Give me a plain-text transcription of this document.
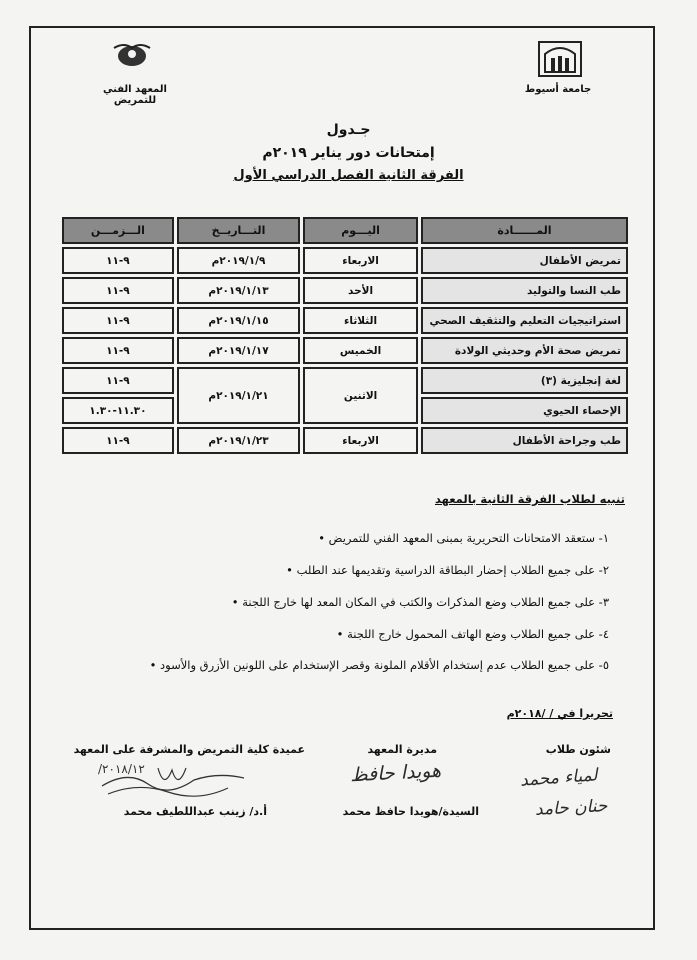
جامعة أسيوط
المعهد الفني للتمريض
جـدول
إمتحانات دور يناير ٢٠١٩م
الفرقة الثانية الفصل الدراسي الأول
الـــزمـــن	التـــاريــخ	اليـــوم	المــــــادة
٩-١١	٢٠١٩/١/٩م	الاربعاء	تمريض الأطفال
٩-١١	٢٠١٩/١/١٣م	الأحد	طب النسا والتوليد
٩-١١	٢٠١٩/١/١٥م	الثلاثاء	استراتيجيات التعليم والتثقيف الصحي
٩-١١	٢٠١٩/١/١٧م	الخميس	تمريض صحة الأم وحديثي الولادة
٩-١١	٢٠١٩/١/٢١م	الاثنين	لغة إنجليزية (٣)
١١.٣٠-١.٣٠			الإحصاء الحيوي
٩-١١	٢٠١٩/١/٢٣م	الاربعاء	طب وجراحة الأطفال
تنبيه لطلاب الفرقة الثانية بالمعهد
١- ستعقد الامتحانات التحريرية بمبنى المعهد الفني للتمريض •
٢- على جميع الطلاب إحضار البطاقة الدراسية وتقديمها عند الطلب •
٣- على جميع الطلاب وضع المذكرات والكتب في المكان المعد لها خارج اللجنة •
٤- على جميع الطلاب وضع الهاتف المحمول خارج اللجنة •
٥- على جميع الطلاب عدم إستخدام الأقلام الملونة وقصر الإستخدام على اللونين الأزرق والأسود •
تحريرا في / /٢٠١٨م
شئون طلاب
مديرة المعهد
عميدة كلية التمريض والمشرفة على المعهد
لمياء محمد
حنان حامد
هويدا حافظ
٢٠١٨/١٢/
السيدة/هويدا حافظ محمد
أ.د/ زينب عبداللطيف محمد
